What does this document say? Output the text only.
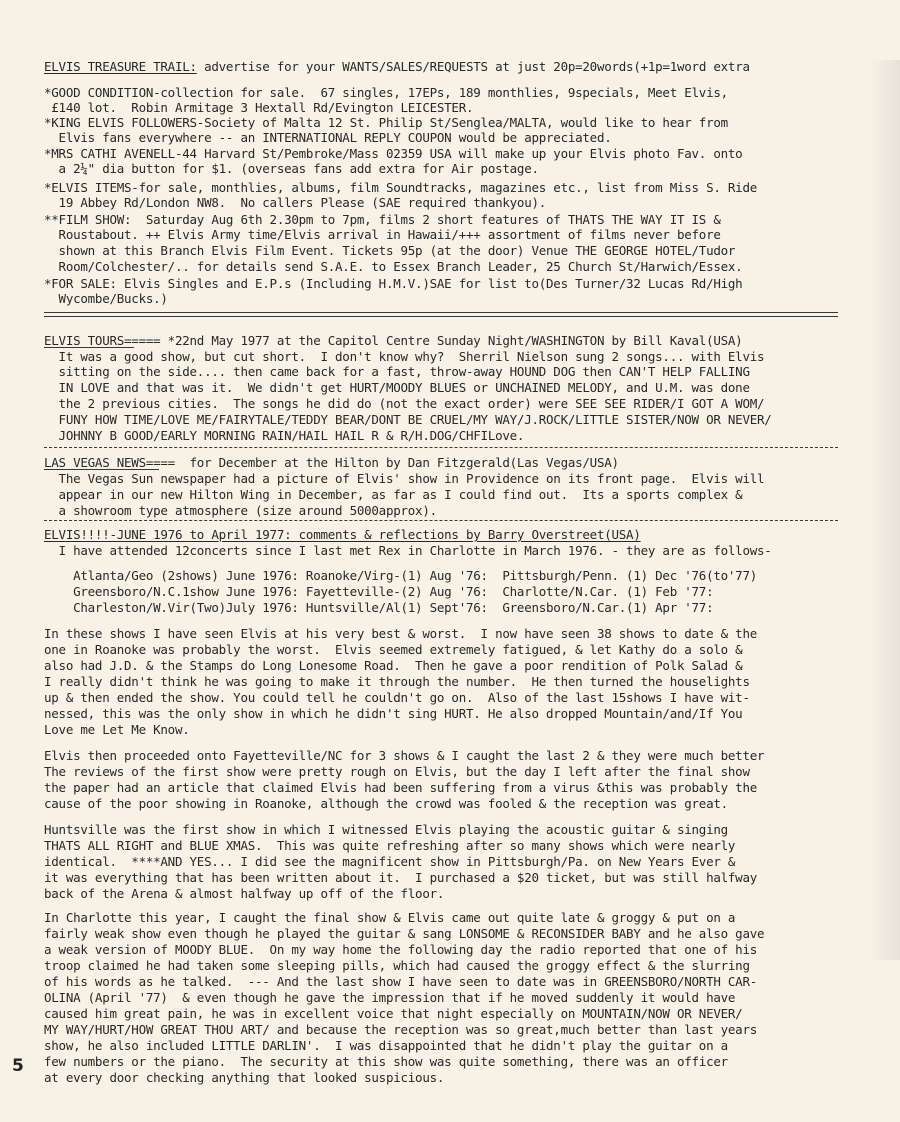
ELVIS TREASURE TRAIL: advertise for your WANTS/SALES/REQUESTS at just 20p=20words(+1p=1word extra
*GOOD CONDITION-collection for sale.  67 singles, 17EPs, 189 monthlies, 9specials, Meet Elvis,
£140 lot.  Robin Armitage 3 Hextall Rd/Evington LEICESTER.
*KING ELVIS FOLLOWERS-Society of Malta 12 St. Philip St/Senglea/MALTA, would like to hear from
Elvis fans everywhere -- an INTERNATIONAL REPLY COUPON would be appreciated.
*MRS CATHI AVENELL-44 Harvard St/Pembroke/Mass 02359 USA will make up your Elvis photo Fav. onto
a 2¼" dia button for $1. (overseas fans add extra for Air postage.
*ELVIS ITEMS-for sale, monthlies, albums, film Soundtracks, magazines etc., list from Miss S. Ride
19 Abbey Rd/London NW8.  No callers Please (SAE required thankyou).
**FILM SHOW:  Saturday Aug 6th 2.30pm to 7pm, films 2 short features of THATS THE WAY IT IS &
Roustabout. ++ Elvis Army time/Elvis arrival in Hawaii/+++ assortment of films never before
shown at this Branch Elvis Film Event. Tickets 95p (at the door) Venue THE GEORGE HOTEL/Tudor
Room/Colchester/.. for details send S.A.E. to Essex Branch Leader, 25 Church St/Harwich/Essex.
*FOR SALE: Elvis Singles and E.P.s (Including H.M.V.)SAE for list to(Des Turner/32 Lucas Rd/High
Wycombe/Bucks.)
ELVIS TOURS===== *22nd May 1977 at the Capitol Centre Sunday Night/WASHINGTON by Bill Kaval(USA)
It was a good show, but cut short.  I don't know why?  Sherril Nielson sung 2 songs... with Elvis
sitting on the side.... then came back for a fast, throw-away HOUND DOG then CAN'T HELP FALLING
IN LOVE and that was it.  We didn't get HURT/MOODY BLUES or UNCHAINED MELODY, and U.M. was done
the 2 previous cities.  The songs he did do (not the exact order) were SEE SEE RIDER/I GOT A WOM/
FUNY HOW TIME/LOVE ME/FAIRYTALE/TEDDY BEAR/DONT BE CRUEL/MY WAY/J.ROCK/LITTLE SISTER/NOW OR NEVER/
JOHNNY B GOOD/EARLY MORNING RAIN/HAIL HAIL R & R/H.DOG/CHFILove.
LAS VEGAS NEWS====  for December at the Hilton by Dan Fitzgerald(Las Vegas/USA)
The Vegas Sun newspaper had a picture of Elvis' show in Providence on its front page.  Elvis will
appear in our new Hilton Wing in December, as far as I could find out.  Its a sports complex &
a showroom type atmosphere (size around 5000approx).
ELVIS!!!!-JUNE 1976 to April 1977: comments & reflections by Barry Overstreet(USA)
I have attended 12concerts since I last met Rex in Charlotte in March 1976. - they are as follows-
Atlanta/Geo (2shows) June 1976: Roanoke/Virg-(1) Aug '76:  Pittsburgh/Penn. (1) Dec '76(to'77)
Greensboro/N.C.1show June 1976: Fayetteville-(2) Aug '76:  Charlotte/N.Car. (1) Feb '77:
Charleston/W.Vir(Two)July 1976: Huntsville/Al(1) Sept'76:  Greensboro/N.Car.(1) Apr '77:
In these shows I have seen Elvis at his very best & worst.  I now have seen 38 shows to date & the
one in Roanoke was probably the worst.  Elvis seemed extremely fatigued, & let Kathy do a solo &
also had J.D. & the Stamps do Long Lonesome Road.  Then he gave a poor rendition of Polk Salad &
I really didn't think he was going to make it through the number.  He then turned the houselights
up & then ended the show. You could tell he couldn't go on.  Also of the last 15shows I have wit-
nessed, this was the only show in which he didn't sing HURT. He also dropped Mountain/and/If You
Love me Let Me Know.
Elvis then proceeded onto Fayetteville/NC for 3 shows & I caught the last 2 & they were much better
The reviews of the first show were pretty rough on Elvis, but the day I left after the final show
the paper had an article that claimed Elvis had been suffering from a virus &this was probably the
cause of the poor showing in Roanoke, although the crowd was fooled & the reception was great.
Huntsville was the first show in which I witnessed Elvis playing the acoustic guitar & singing
THATS ALL RIGHT and BLUE XMAS.  This was quite refreshing after so many shows which were nearly
identical.  ****AND YES... I did see the magnificent show in Pittsburgh/Pa. on New Years Ever &
it was everything that has been written about it.  I purchased a $20 ticket, but was still halfway
back of the Arena & almost halfway up off of the floor.
In Charlotte this year, I caught the final show & Elvis came out quite late & groggy & put on a
fairly weak show even though he played the guitar & sang LONSOME & RECONSIDER BABY and he also gave
a weak version of MOODY BLUE.  On my way home the following day the radio reported that one of his
troop claimed he had taken some sleeping pills, which had caused the groggy effect & the slurring
of his words as he talked.  --- And the last show I have seen to date was in GREENSBORO/NORTH CAR-
OLINA (April '77)  & even though he gave the impression that if he moved suddenly it would have
caused him great pain, he was in excellent voice that night especially on MOUNTAIN/NOW OR NEVER/
MY WAY/HURT/HOW GREAT THOU ART/ and because the reception was so great,much better than last years
show, he also included LITTLE DARLIN'.  I was disappointed that he didn't play the guitar on a
few numbers or the piano.  The security at this show was quite something, there was an officer
at every door checking anything that looked suspicious.
5
